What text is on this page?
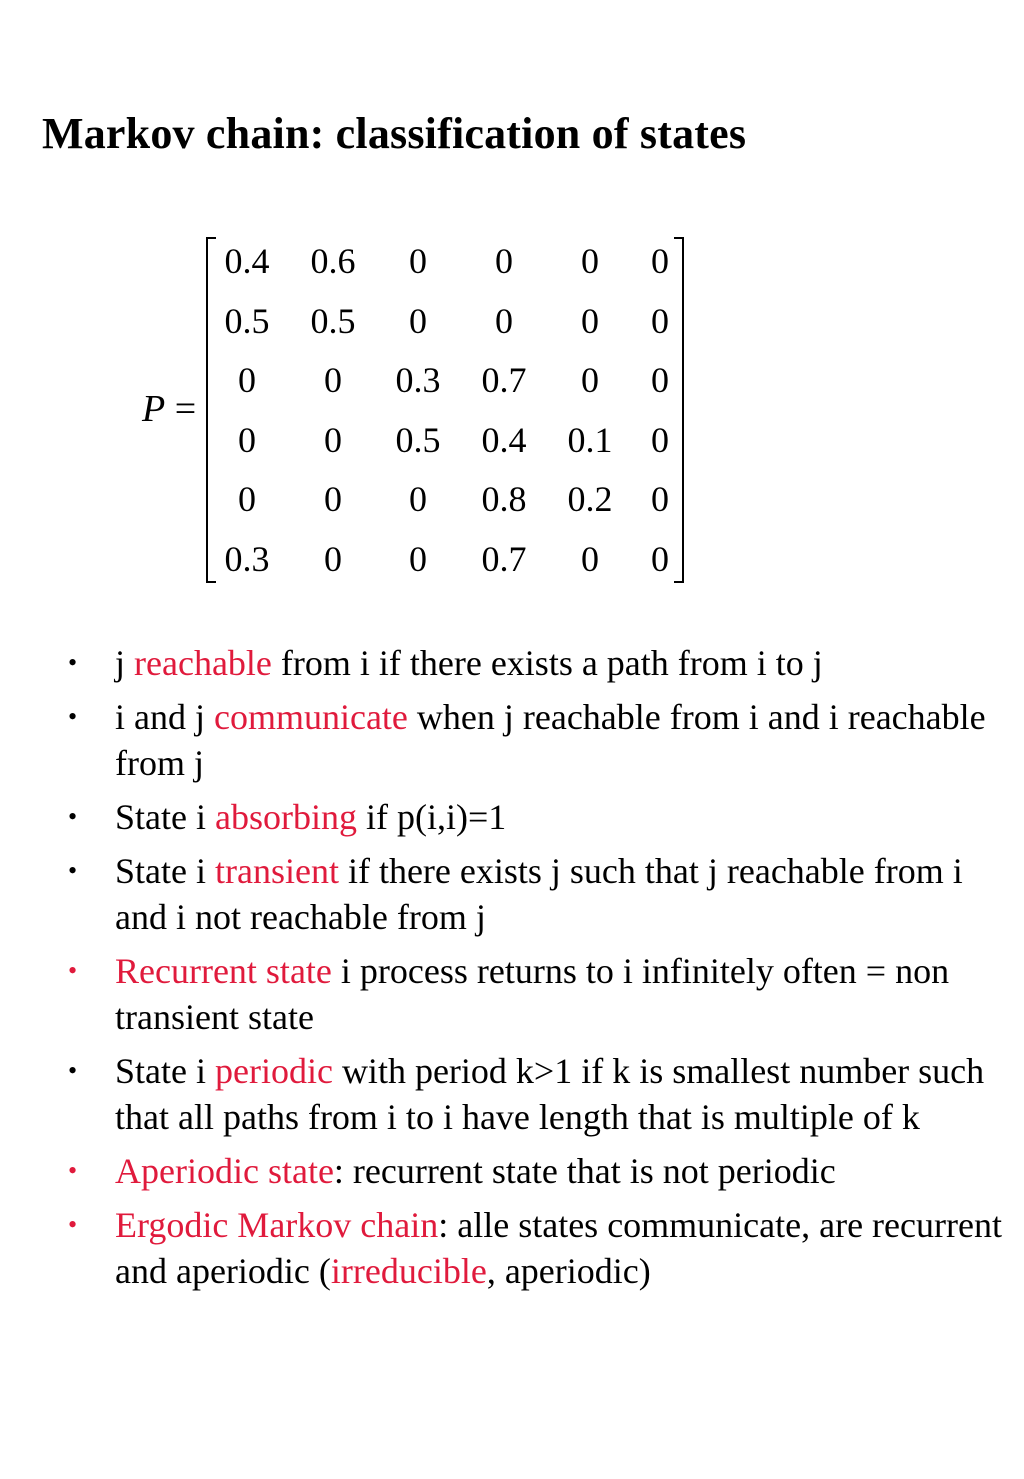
Markov chain: classification of states
P =
0.4	0.6	0	0	0	0
0.5	0.5	0	0	0	0
0	0	0.3	0.7	0	0
0	0	0.5	0.4	0.1	0
0	0	0	0.8	0.2	0
0.3	0	0	0.7	0	0
• j reachable from i if there exists a path from i to j
• i and j communicate when j reachable from i and i reachable from j
• State i absorbing if p(i,i)=1
• State i transient if there exists j such that j reachable from i and i not reachable from j
• Recurrent state i process returns to i infinitely often = non transient state
• State i periodic with period k>1 if k is smallest number such that all paths from i to i have length that is multiple of k
• Aperiodic state: recurrent state that is not periodic
• Ergodic Markov chain: alle states communicate, are recurrent and aperiodic (irreducible, aperiodic)
